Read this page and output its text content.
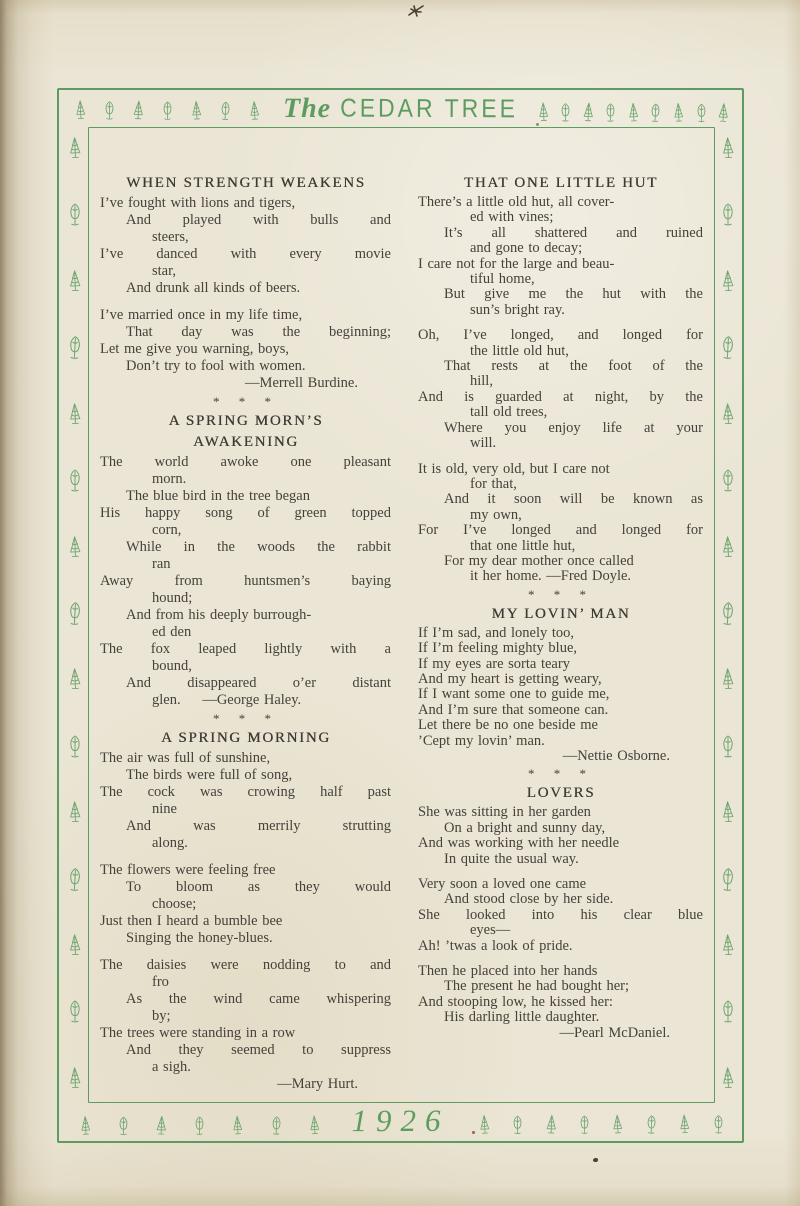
The CEDAR TREE
WHEN STRENGTH WEAKENS
I’ve fought with lions and tigers,
And played with bulls and
steers,
I’ve danced with every movie
star,
And drunk all kinds of beers.
I’ve married once in my life time,
That day was the beginning;
Let me give you warning, boys,
Don’t try to fool with women.
—Merrell Burdine.
* * *
A SPRING MORN’S
AWAKENING
The world awoke one pleasant
morn.
The blue bird in the tree began
His happy song of green topped
corn,
While in the woods the rabbit
ran
Away from huntsmen’s baying
hound;
And from his deeply burrough-
ed den
The fox leaped lightly with a
bound,
And disappeared o’er distant
glen.  —George Haley.
* * *
A SPRING MORNING
The air was full of sunshine,
The birds were full of song,
The cock was crowing half past
nine
And was merrily strutting
along.
The flowers were feeling free
To bloom as they would
choose;
Just then I heard a bumble bee
Singing the honey-blues.
The daisies were nodding to and
fro
As the wind came whispering
by;
The trees were standing in a row
And they seemed to suppress
a sigh.
—Mary Hurt.
THAT ONE LITTLE HUT
There’s a little old hut, all cover-
ed with vines;
It’s all shattered and ruined
and gone to decay;
I care not for the large and beau-
tiful home,
But give me the hut with the
sun’s bright ray.
Oh, I’ve longed, and longed for
the little old hut,
That rests at the foot of the
hill,
And is guarded at night, by the
tall old trees,
Where you enjoy life at your
will.
It is old, very old, but I care not
for that,
And it soon will be known as
my own,
For I’ve longed and longed for
that one little hut,
For my dear mother once called
it her home. —Fred Doyle.
* * *
MY LOVIN’ MAN
If I’m sad, and lonely too,
If I’m feeling mighty blue,
If my eyes are sorta teary
And my heart is getting weary,
If I want some one to guide me,
And I’m sure that someone can.
Let there be no one beside me
’Cept my lovin’ man.
—Nettie Osborne.
* * *
LOVERS
She was sitting in her garden
On a bright and sunny day,
And was working with her needle
In quite the usual way.
Very soon a loved one came
And stood close by her side.
She looked into his clear blue
eyes—
Ah! ’twas a look of pride.
Then he placed into her hands
The present he had bought her;
And stooping low, he kissed her:
His darling little daughter.
—Pearl McDaniel.
1926
